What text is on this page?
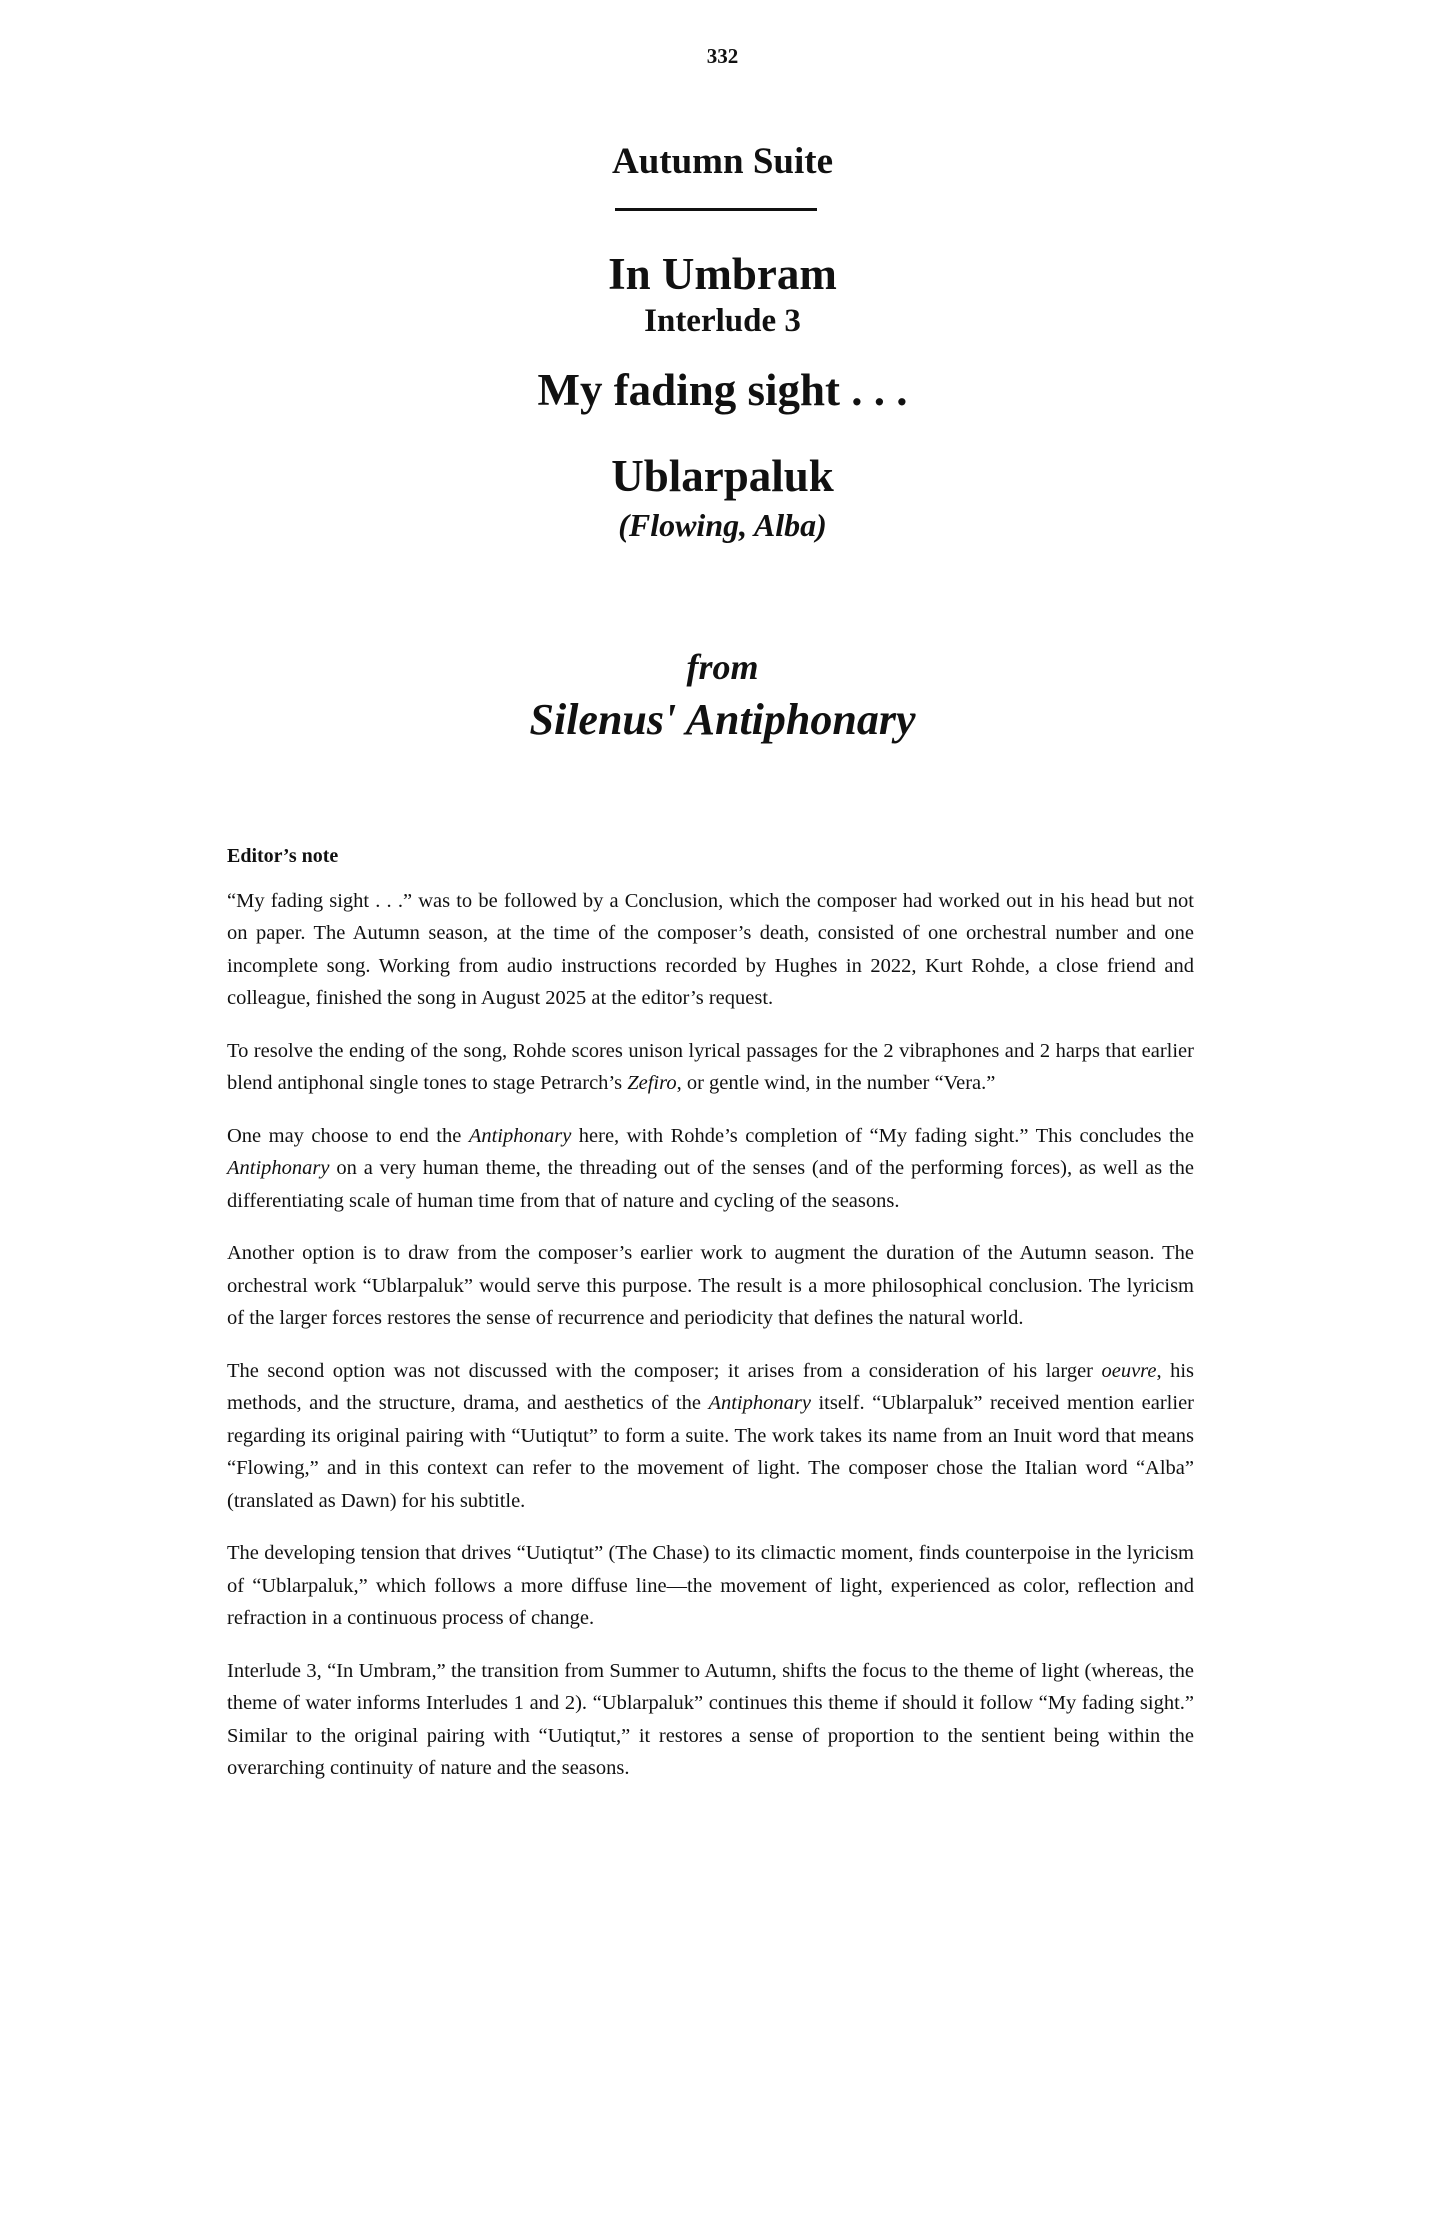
332
Autumn Suite
In Umbram
Interlude 3
My fading sight . . .
Ublarpaluk
(Flowing, Alba)
from
Silenus' Antiphonary
Editor’s note

“My fading sight . . .” was to be followed by a Conclusion, which the composer had worked out in his head but not on paper. The Autumn season, at the time of the composer’s death, consisted of one orchestral number and one incomplete song. Working from audio instructions recorded by Hughes in 2022, Kurt Rohde, a close friend and colleague, finished the song in August 2025 at the editor’s request.

To resolve the ending of the song, Rohde scores unison lyrical passages for the 2 vibraphones and 2 harps that earlier blend antiphonal single tones to stage Petrarch’s Zefiro, or gentle wind, in the number “Vera.”

One may choose to end the Antiphonary here, with Rohde’s completion of “My fading sight.” This concludes the Antiphonary on a very human theme, the threading out of the senses (and of the performing forces), as well as the differentiating scale of human time from that of nature and cycling of the seasons.

Another option is to draw from the composer’s earlier work to augment the duration of the Autumn season. The orchestral work “Ublarpaluk” would serve this purpose. The result is a more philosophical conclusion. The lyricism of the larger forces restores the sense of recurrence and periodicity that defines the natural world.

The second option was not discussed with the composer; it arises from a consideration of his larger oeuvre, his methods, and the structure, drama, and aesthetics of the Antiphonary itself. “Ublarpaluk” received mention earlier regarding its original pairing with “Uutiqtut” to form a suite. The work takes its name from an Inuit word that means “Flowing,” and in this context can refer to the movement of light. The composer chose the Italian word “Alba” (translated as Dawn) for his subtitle.

The developing tension that drives “Uutiqtut” (The Chase) to its climactic moment, finds counterpoise in the lyricism of “Ublarpaluk,” which follows a more diffuse line—the movement of light, experienced as color, reflection and refraction in a continuous process of change.

Interlude 3, “In Umbram,” the transition from Summer to Autumn, shifts the focus to the theme of light (whereas, the theme of water informs Interludes 1 and 2). “Ublarpaluk” continues this theme if should it follow “My fading sight.” Similar to the original pairing with “Uutiqtut,” it restores a sense of proportion to the sentient being within the overarching continuity of nature and the seasons.
